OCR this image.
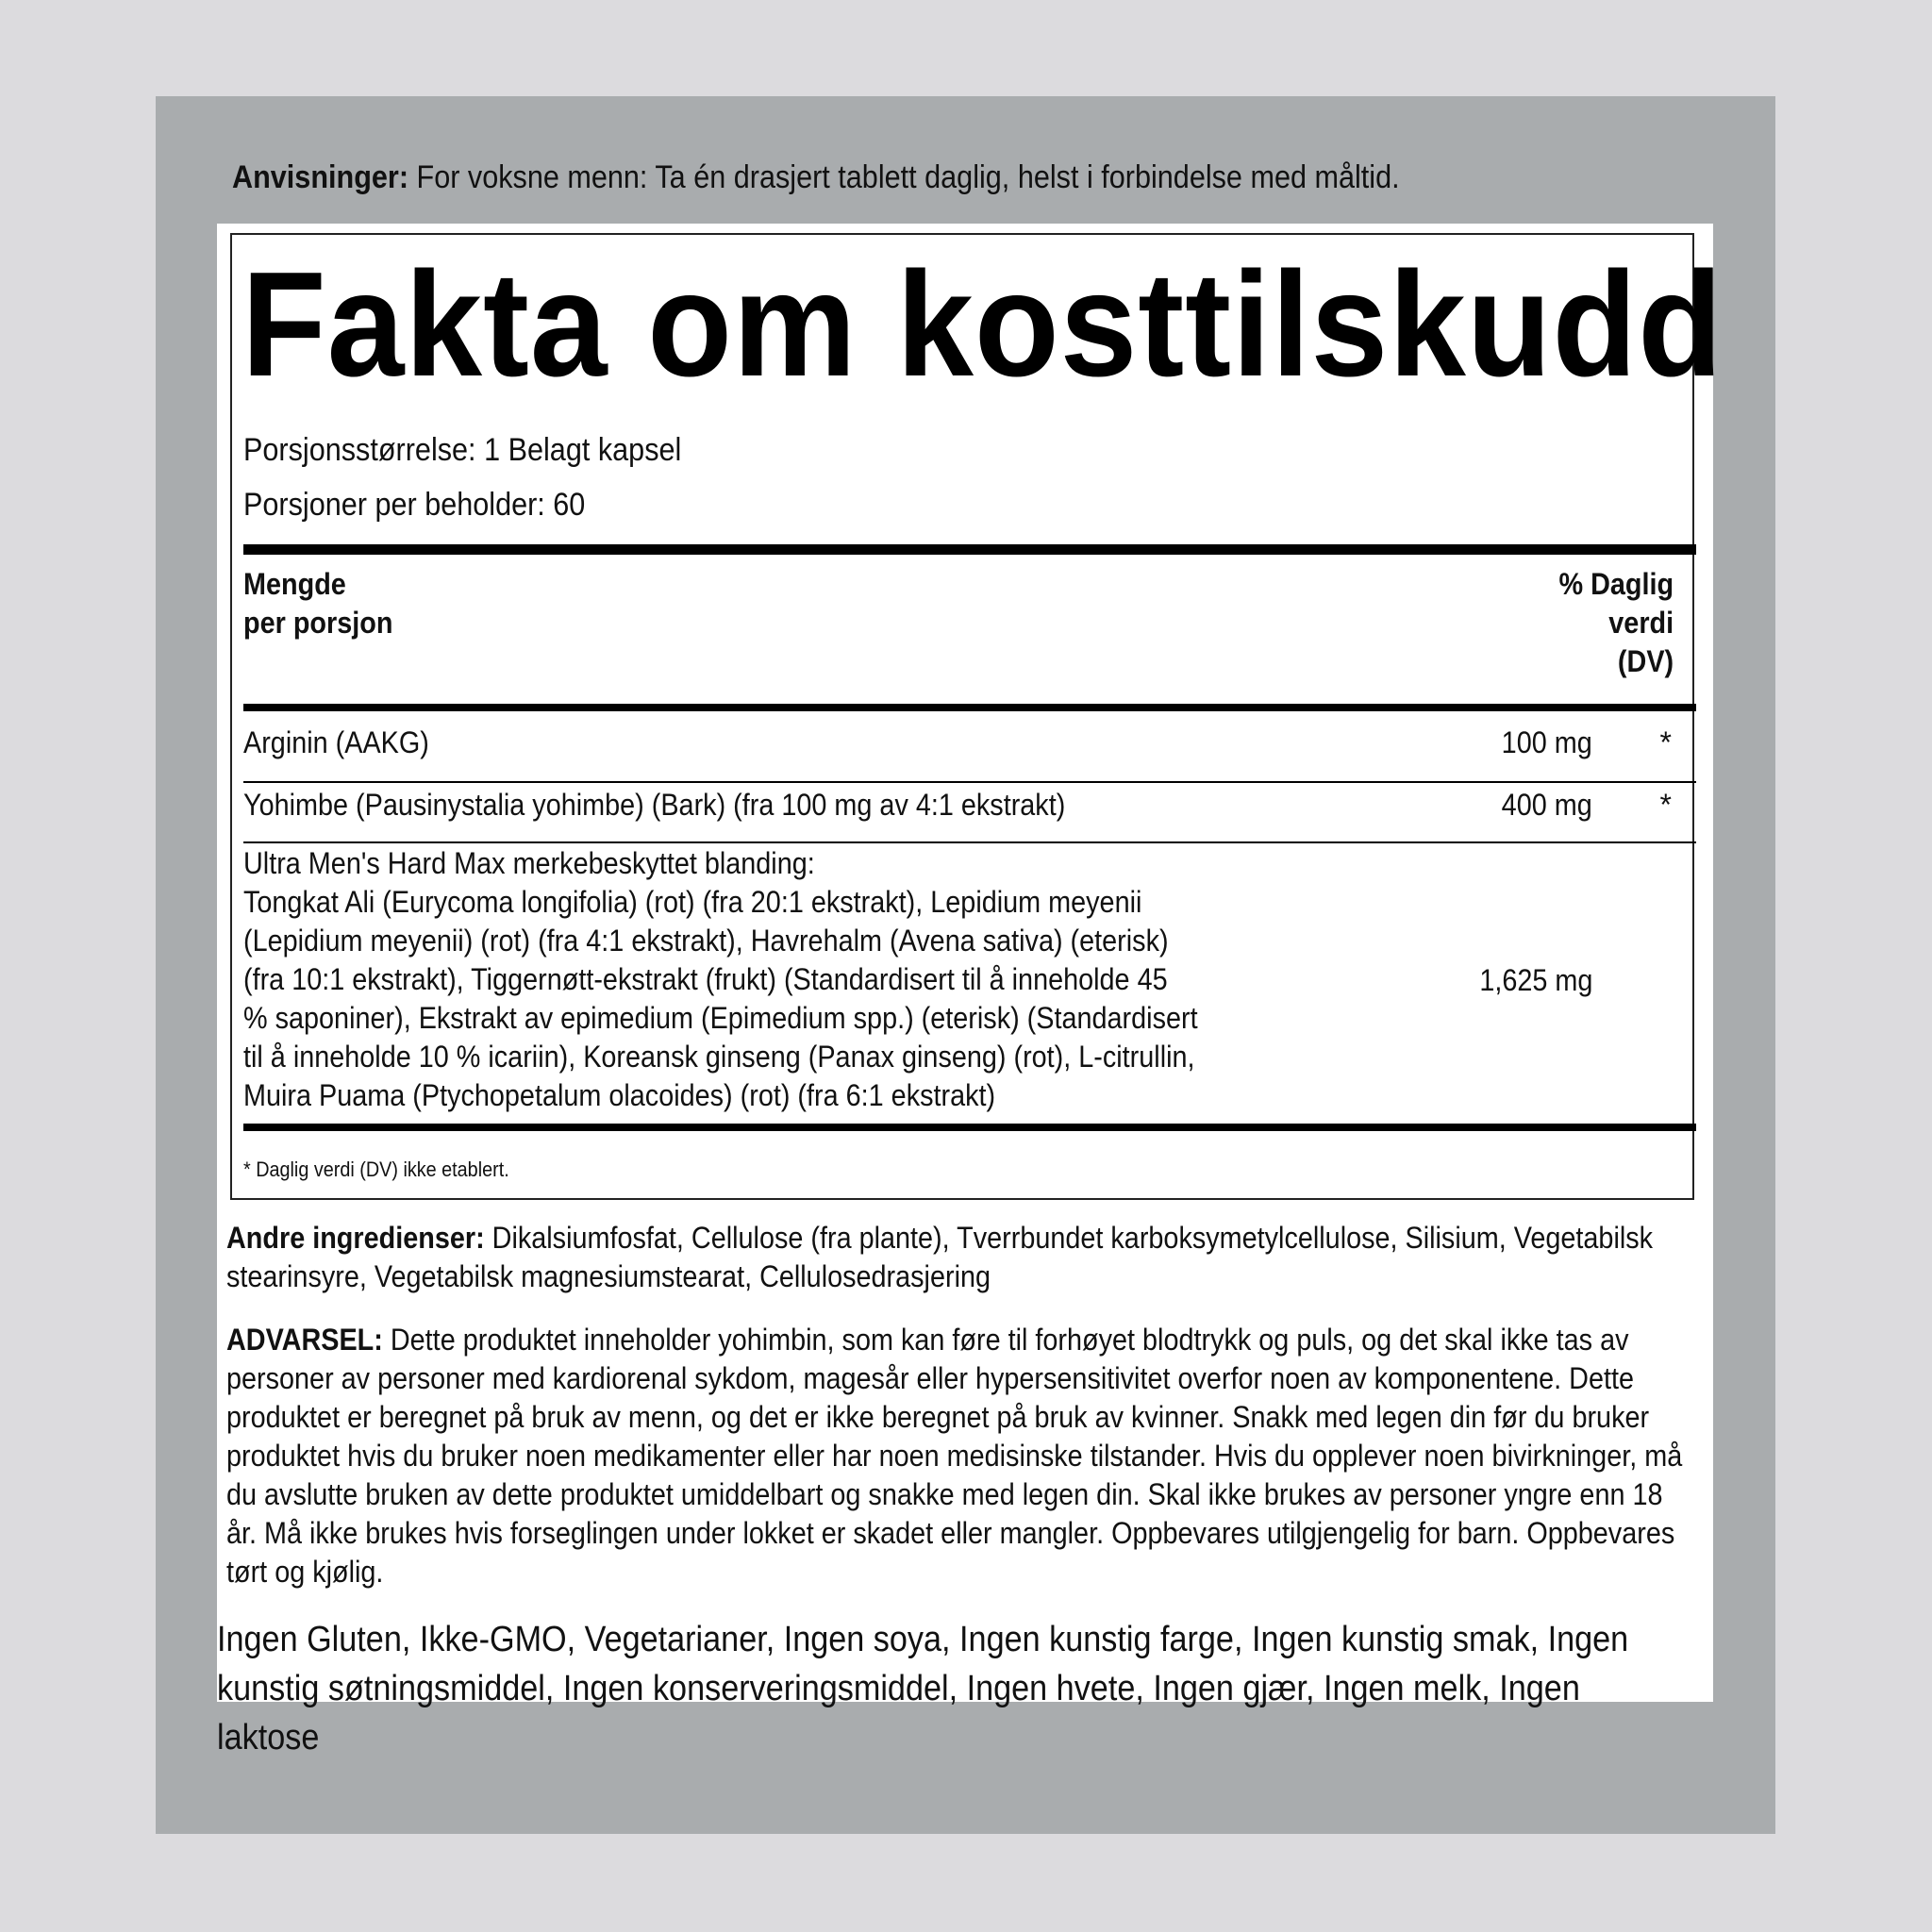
Anvisninger: For voksne menn: Ta én drasjert tablett daglig, helst i forbindelse med måltid.
Fakta om kosttilskudd
Porsjonsstørrelse: 1 Belagt kapsel
Porsjoner per beholder: 60
Mengde
per porsjon
% Daglig
verdi
(DV)
Arginin (AAKG)	100 mg *
Yohimbe (Pausinystalia yohimbe) (Bark) (fra 100 mg av 4:1 ekstrakt)	400 mg *
Ultra Men's Hard Max merkebeskyttet blanding:
Tongkat Ali (Eurycoma longifolia) (rot) (fra 20:1 ekstrakt), Lepidium meyenii
(Lepidium meyenii) (rot) (fra 4:1 ekstrakt), Havrehalm (Avena sativa) (eterisk)
(fra 10:1 ekstrakt), Tiggernøtt-ekstrakt (frukt) (Standardisert til å inneholde 45
% saponiner), Ekstrakt av epimedium (Epimedium spp.) (eterisk) (Standardisert
til å inneholde 10 % icariin), Koreansk ginseng (Panax ginseng) (rot), L-citrullin,
Muira Puama (Ptychopetalum olacoides) (rot) (fra 6:1 ekstrakt)
1,625 mg
* Daglig verdi (DV) ikke etablert.
Andre ingredienser: Dikalsiumfosfat, Cellulose (fra plante), Tverrbundet karboksymetylcellulose, Silisium, Vegetabilsk
stearinsyre, Vegetabilsk magnesiumstearat, Cellulosedrasjering
ADVARSEL: Dette produktet inneholder yohimbin, som kan føre til forhøyet blodtrykk og puls, og det skal ikke tas av
personer av personer med kardiorenal sykdom, magesår eller hypersensitivitet overfor noen av komponentene. Dette
produktet er beregnet på bruk av menn, og det er ikke beregnet på bruk av kvinner. Snakk med legen din før du bruker
produktet hvis du bruker noen medikamenter eller har noen medisinske tilstander. Hvis du opplever noen bivirkninger, må
du avslutte bruken av dette produktet umiddelbart og snakke med legen din. Skal ikke brukes av personer yngre enn 18
år. Må ikke brukes hvis forseglingen under lokket er skadet eller mangler. Oppbevares utilgjengelig for barn. Oppbevares
tørt og kjølig.
Ingen Gluten, Ikke-GMO, Vegetarianer, Ingen soya, Ingen kunstig farge, Ingen kunstig smak, Ingen
kunstig søtningsmiddel, Ingen konserveringsmiddel, Ingen hvete, Ingen gjær, Ingen melk, Ingen
laktose
